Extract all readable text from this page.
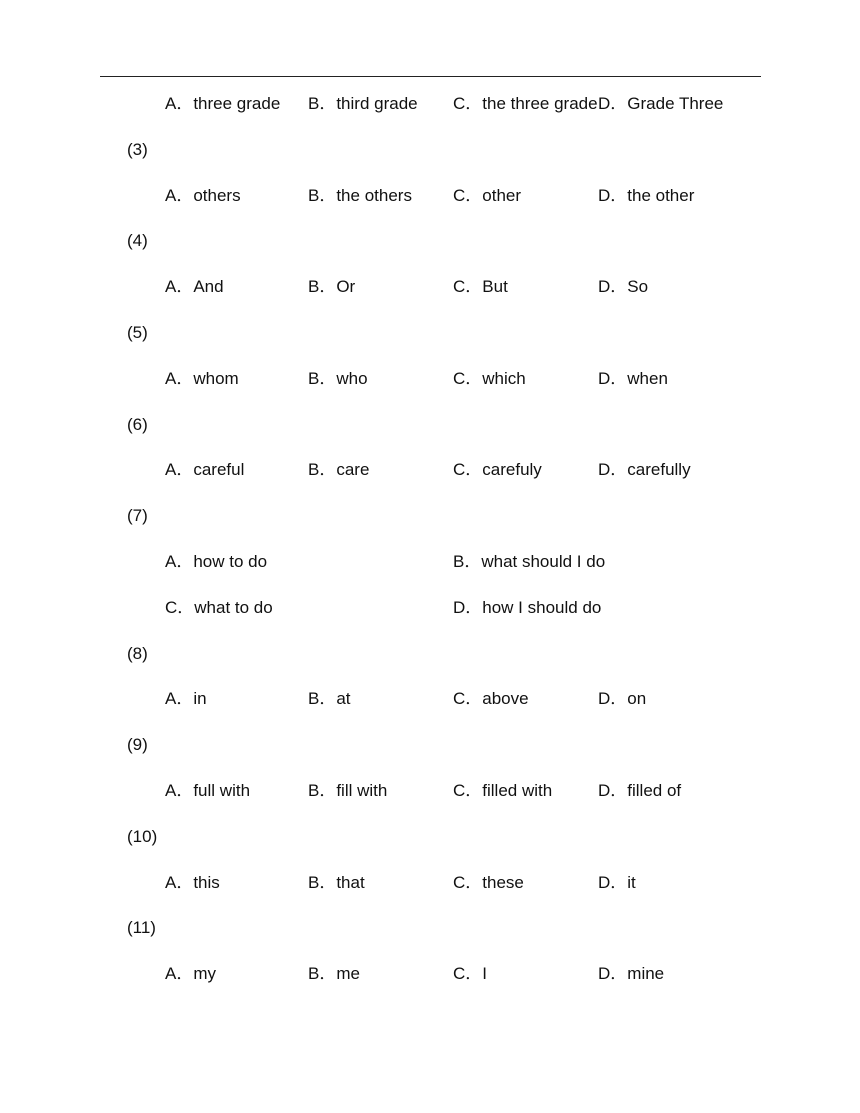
A．three grade B．third grade C．the three grade D．Grade Three
(3)
A．others	B．the others C．other	D．the other
(4)
A．And	B．Or	C．But	D．So
(5)
A．whom	B．who	C．which	D．when
(6)
A．careful	B．care	C．carefuly	D．carefully
(7)
A．how to do	B．what should I do
C．what to do	D．how I should do
(8)
A．in	B．at	C．above	D．on
(9)
A．full with	B．fill with	C．filled with	D．filled of
(10)
A．this	B．that	C．these	D．it
(11)
A．my	B．me	C．I	D．mine
